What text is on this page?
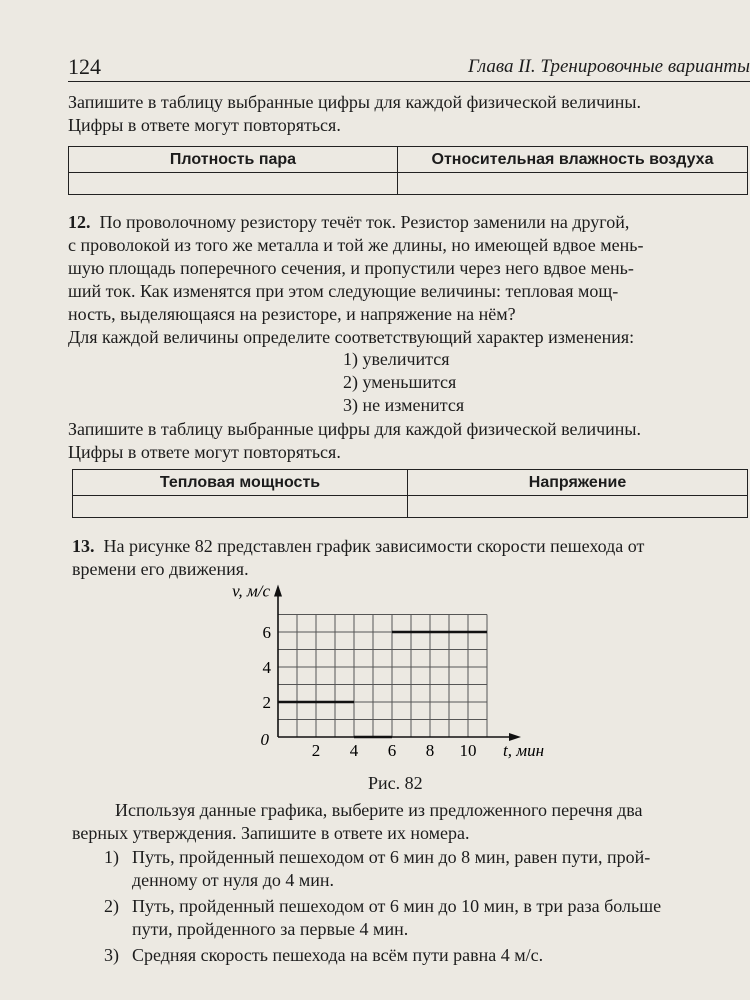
124	Глава II. Тренировочные варианты
Запишите в таблицу выбранные цифры для каждой физической величины.
Цифры в ответе могут повторяться.
Плотность пара	Относительная влажность воздуха

12. По проволочному резистору течёт ток. Резистор заменили на другой,
с проволокой из того же металла и той же длины, но имеющей вдвое мень-
шую площадь поперечного сечения, и пропустили через него вдвое мень-
ший ток. Как изменятся при этом следующие величины: тепловая мощ-
ность, выделяющаяся на резисторе, и напряжение на нём?
Для каждой величины определите соответствующий характер изменения:
1) увеличится
2) уменьшится
3) не изменится
Запишите в таблицу выбранные цифры для каждой физической величины.
Цифры в ответе могут повторяться.
Тепловая мощность	Напряжение

13. На рисунке 82 представлен график зависимости скорости пешехода от
времени его движения.
2 4 6 8 10
2
4
6
0
t, мин
v, м/с
Рис. 82
Используя данные графика, выберите из предложенного перечня два
верных утверждения. Запишите в ответе их номера.
1) Путь, пройденный пешеходом от 6 мин до 8 мин, равен пути, прой-
денному от нуля до 4 мин.
2) Путь, пройденный пешеходом от 6 мин до 10 мин, в три раза больше
пути, пройденного за первые 4 мин.
3) Средняя скорость пешехода на всём пути равна 4 м/с.
